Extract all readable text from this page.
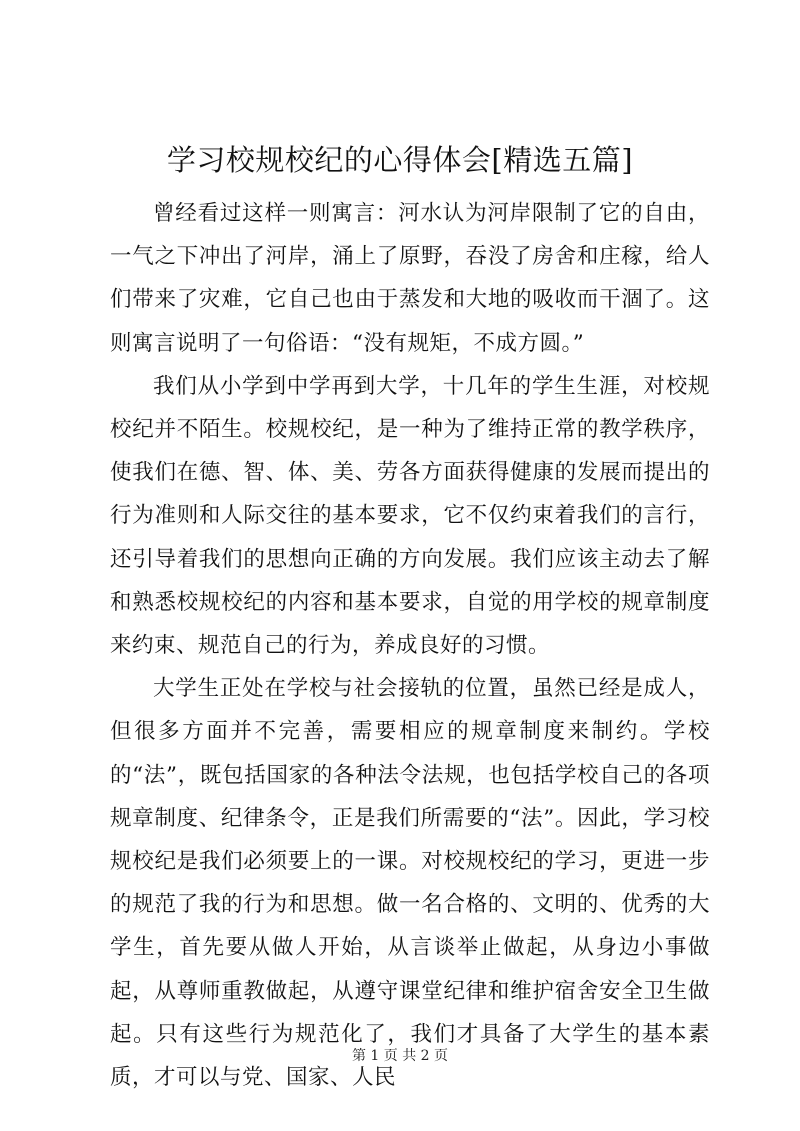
学习校规校纪的心得体会[精选五篇]

曾经看过这样一则寓言：河水认为河岸限制了它的自由，一气之下冲出了河岸，涌上了原野，吞没了房舍和庄稼，给人们带来了灾难，它自己也由于蒸发和大地的吸收而干涸了。这则寓言说明了一句俗语：“没有规矩，不成方圆。”

我们从小学到中学再到大学，十几年的学生生涯，对校规校纪并不陌生。校规校纪，是一种为了维持正常的教学秩序，使我们在德、智、体、美、劳各方面获得健康的发展而提出的行为准则和人际交往的基本要求，它不仅约束着我们的言行，还引导着我们的思想向正确的方向发展。我们应该主动去了解和熟悉校规校纪的内容和基本要求，自觉的用学校的规章制度来约束、规范自己的行为，养成良好的习惯。

大学生正处在学校与社会接轨的位置，虽然已经是成人，但很多方面并不完善，需要相应的规章制度来制约。学校的“法”，既包括国家的各种法令法规，也包括学校自己的各项规章制度、纪律条令，正是我们所需要的“法”。因此，学习校规校纪是我们必须要上的一课。对校规校纪的学习，更进一步的规范了我的行为和思想。做一名合格的、文明的、优秀的大学生，首先要从做人开始，从言谈举止做起，从身边小事做起，从尊师重教做起，从遵守课堂纪律和维护宿舍安全卫生做起。只有这些行为规范化了，我们才具备了大学生的基本素质，才可以与党、国家、人民

第 1 页 共 2 页
